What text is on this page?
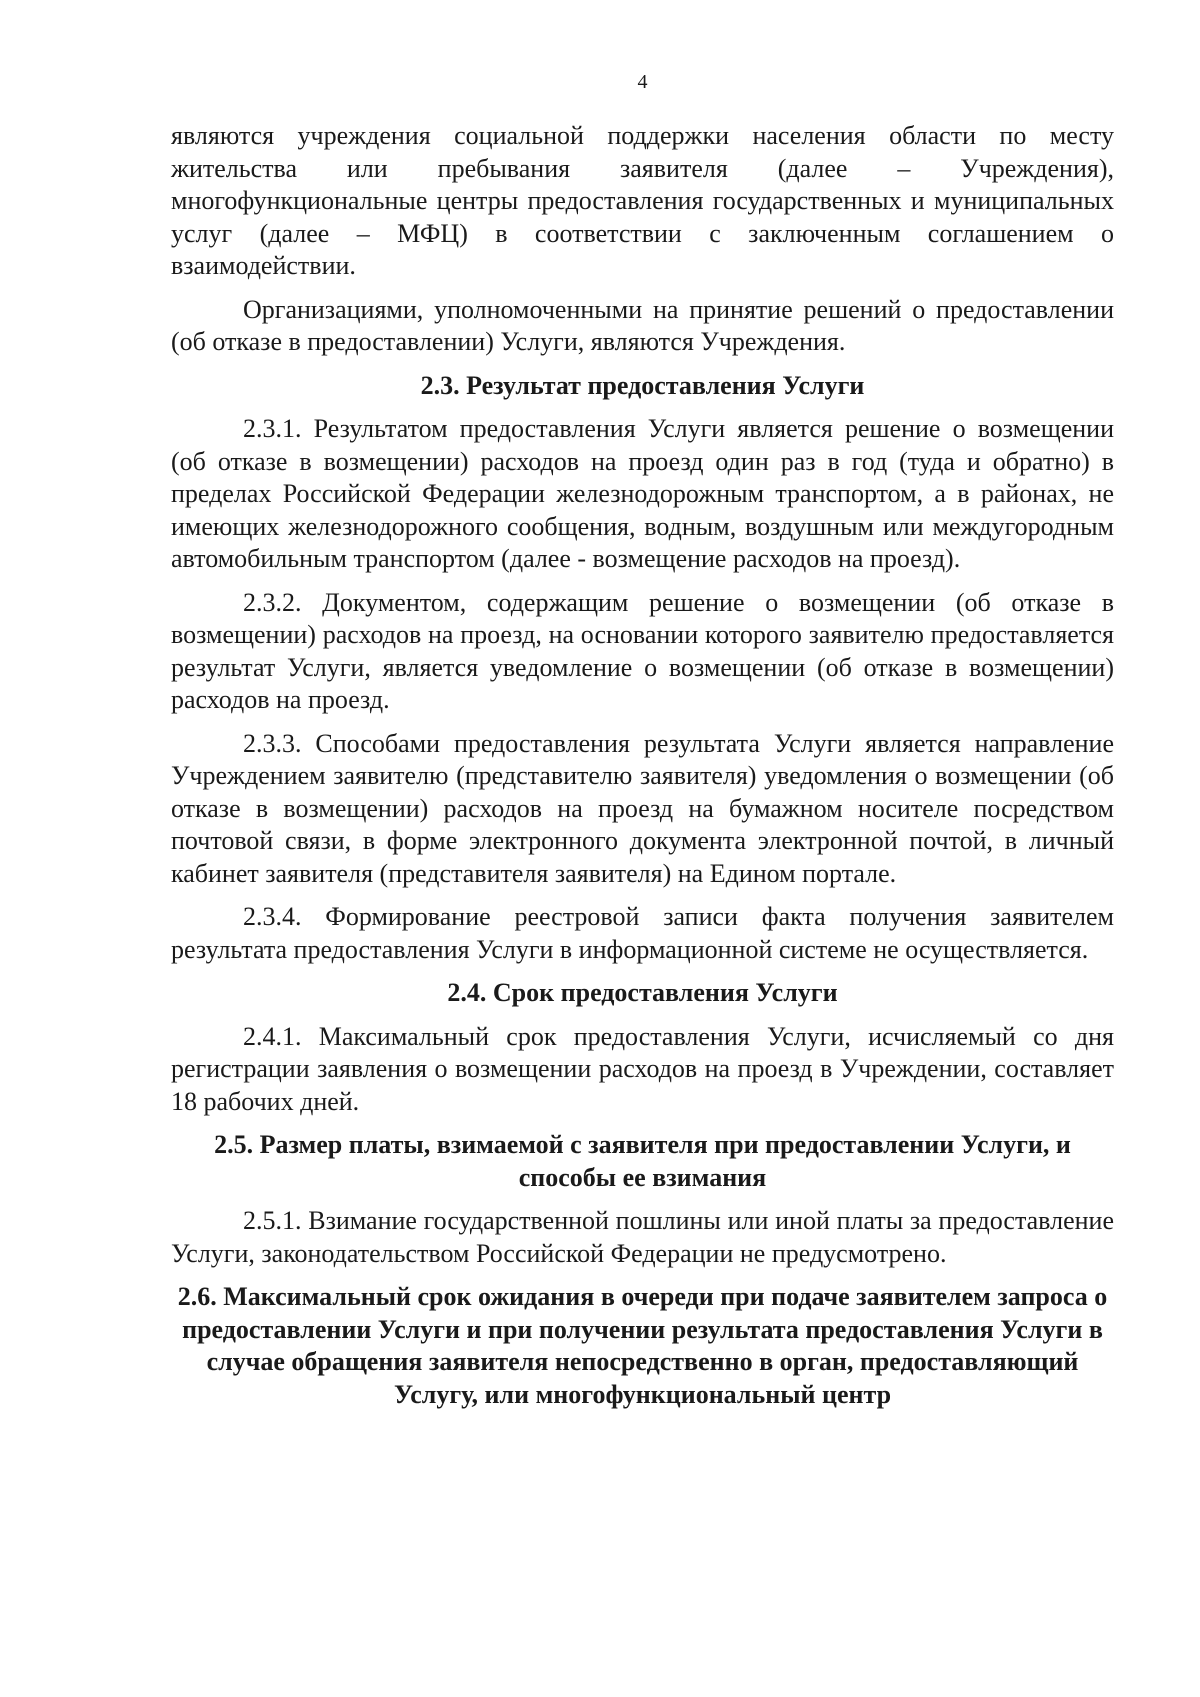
4

являются учреждения социальной поддержки населения области по месту жительства или пребывания заявителя (далее – Учреждения), многофункциональные центры предоставления государственных и муниципальных услуг (далее – МФЦ) в соответствии с заключенным соглашением о взаимодействии.

Организациями, уполномоченными на принятие решений о предоставлении (об отказе в предоставлении) Услуги, являются Учреждения.

2.3. Результат предоставления Услуги

2.3.1. Результатом предоставления Услуги является решение о возмещении (об отказе в возмещении) расходов на проезд один раз в год (туда и обратно) в пределах Российской Федерации железнодорожным транспортом, а в районах, не имеющих железнодорожного сообщения, водным, воздушным или междугородным автомобильным транспортом (далее - возмещение расходов на проезд).

2.3.2. Документом, содержащим решение о возмещении (об отказе в возмещении) расходов на проезд, на основании которого заявителю предоставляется результат Услуги, является уведомление о возмещении (об отказе в возмещении) расходов на проезд.

2.3.3. Способами предоставления результата Услуги является направление Учреждением заявителю (представителю заявителя) уведомления о возмещении (об отказе в возмещении) расходов на проезд на бумажном носителе посредством почтовой связи, в форме электронного документа электронной почтой, в личный кабинет заявителя (представителя заявителя) на Едином портале.

2.3.4. Формирование реестровой записи факта получения заявителем результата предоставления Услуги в информационной системе не осуществляется.

2.4. Срок предоставления Услуги

2.4.1. Максимальный срок предоставления Услуги, исчисляемый со дня регистрации заявления о возмещении расходов на проезд в Учреждении, составляет 18 рабочих дней.

2.5. Размер платы, взимаемой с заявителя при предоставлении Услуги, и способы ее взимания

2.5.1. Взимание государственной пошлины или иной платы за предоставление Услуги, законодательством Российской Федерации не предусмотрено.

2.6. Максимальный срок ожидания в очереди при подаче заявителем запроса о предоставлении Услуги и при получении результата предоставления Услуги в случае обращения заявителя непосредственно в орган, предоставляющий Услугу, или многофункциональный центр
